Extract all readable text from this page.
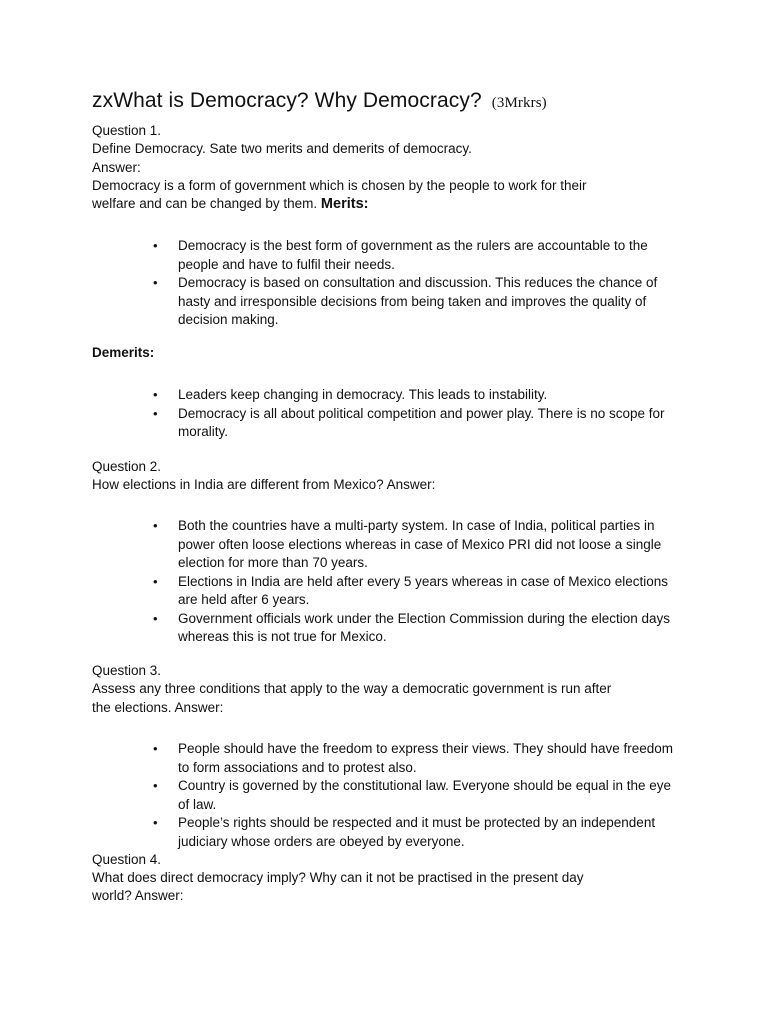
zxWhat is Democracy? Why Democracy? (3Mrkrs)
Question 1.
Define Democracy. Sate two merits and demerits of democracy.
Answer:
Democracy is a form of government which is chosen by the people to work for their
welfare and can be changed by them. Merits:
• Democracy is the best form of government as the rulers are accountable to the people and have to fulfil their needs.
• Democracy is based on consultation and discussion. This reduces the chance of hasty and irresponsible decisions from being taken and improves the quality of decision making.
Demerits:
• Leaders keep changing in democracy. This leads to instability.
• Democracy is all about political competition and power play. There is no scope for morality.
Question 2.
How elections in India are different from Mexico? Answer:
• Both the countries have a multi-party system. In case of India, political parties in power often loose elections whereas in case of Mexico PRI did not loose a single election for more than 70 years.
• Elections in India are held after every 5 years whereas in case of Mexico elections are held after 6 years.
• Government officials work under the Election Commission during the election days whereas this is not true for Mexico.
Question 3.
Assess any three conditions that apply to the way a democratic government is run after
the elections. Answer:
• People should have the freedom to express their views. They should have freedom to form associations and to protest also.
• Country is governed by the constitutional law. Everyone should be equal in the eye of law.
• People’s rights should be respected and it must be protected by an independent judiciary whose orders are obeyed by everyone.
Question 4.
What does direct democracy imply? Why can it not be practised in the present day
world? Answer:
